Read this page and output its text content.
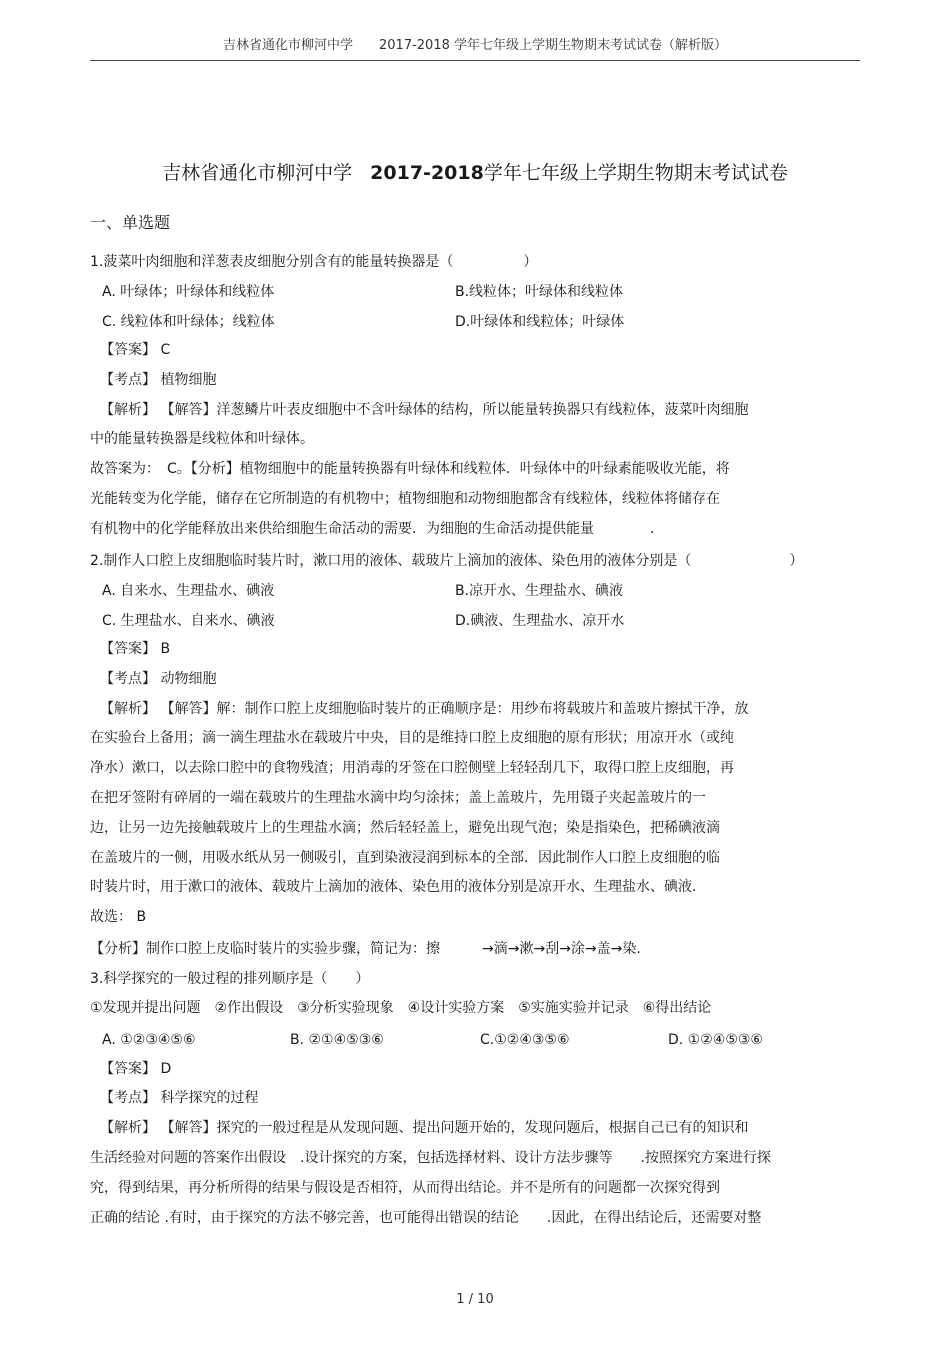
吉林省通化市柳河中学 2017-2018 学年七年级上学期生物期末考试试卷（解析版）
吉林省通化市柳河中学 2017-2018学年七年级上学期生物期末考试试卷
一、单选题
1.菠菜叶肉细胞和洋葱表皮细胞分别含有的能量转换器是（　　　　　）
A. 叶绿体；叶绿体和线粒体	B.线粒体；叶绿体和线粒体
C. 线粒体和叶绿体；线粒体	D.叶绿体和线粒体；叶绿体
【答案】 C
【考点】 植物细胞
【解析】 【解答】洋葱鳞片叶表皮细胞中不含叶绿体的结构，所以能量转换器只有线粒体，菠菜叶肉细胞
中的能量转换器是线粒体和叶绿体。
故答案为：　C。【分析】植物细胞中的能量转换器有叶绿体和线粒体．叶绿体中的叶绿素能吸收光能，将
光能转变为化学能，储存在它所制造的有机物中；植物细胞和动物细胞都含有线粒体，线粒体将储存在
有机物中的化学能释放出来供给细胞生命活动的需要．为细胞的生命活动提供能量　　　　．
2.制作人口腔上皮细胞临时装片时，漱口用的液体、载玻片上滴加的液体、染色用的液体分别是（　　　　　　　）
A. 自来水、生理盐水、碘液	B.凉开水、生理盐水、碘液
C. 生理盐水、自来水、碘液	D.碘液、生理盐水、凉开水
【答案】 B
【考点】 动物细胞
【解析】 【解答】解：制作口腔上皮细胞临时装片的正确顺序是：用纱布将载玻片和盖玻片擦拭干净，放
在实验台上备用；滴一滴生理盐水在载玻片中央，目的是维持口腔上皮细胞的原有形状；用凉开水（或纯
净水）漱口，以去除口腔中的食物残渣；用消毒的牙签在口腔侧壁上轻轻刮几下，取得口腔上皮细胞，再
在把牙签附有碎屑的一端在载玻片的生理盐水滴中均匀涂抹；盖上盖玻片，先用镊子夹起盖玻片的一
边，让另一边先接触载玻片上的生理盐水滴；然后轻轻盖上，避免出现气泡；染是指染色，把稀碘液滴
在盖玻片的一侧，用吸水纸从另一侧吸引，直到染液浸润到标本的全部．因此制作人口腔上皮细胞的临
时装片时，用于漱口的液体、载玻片上滴加的液体、染色用的液体分别是凉开水、生理盐水、碘液．
故选： B
【分析】制作口腔上皮临时装片的实验步骤，简记为：擦　　　→滴→漱→刮→涂→盖→染.
3.科学探究的一般过程的排列顺序是（　　）
①发现并提出问题　②作出假设　③分析实验现象　④设计实验方案　⑤实施实验并记录　⑥得出结论
A. ①②③④⑤⑥	B. ②①④⑤③⑥	C.①②④③⑤⑥	D. ①②④⑤③⑥
【答案】 D
【考点】 科学探究的过程
【解析】 【解答】探究的一般过程是从发现问题、提出问题开始的，发现问题后，根据自己已有的知识和
生活经验对问题的答案作出假设　.设计探究的方案，包括选择材料、设计方法步骤等　　.按照探究方案进行探
究，得到结果，再分析所得的结果与假设是否相符，从而得出结论。并不是所有的问题都一次探究得到
正确的结论 .有时，由于探究的方法不够完善，也可能得出错误的结论　　.因此，在得出结论后，还需要对整
1 / 10
